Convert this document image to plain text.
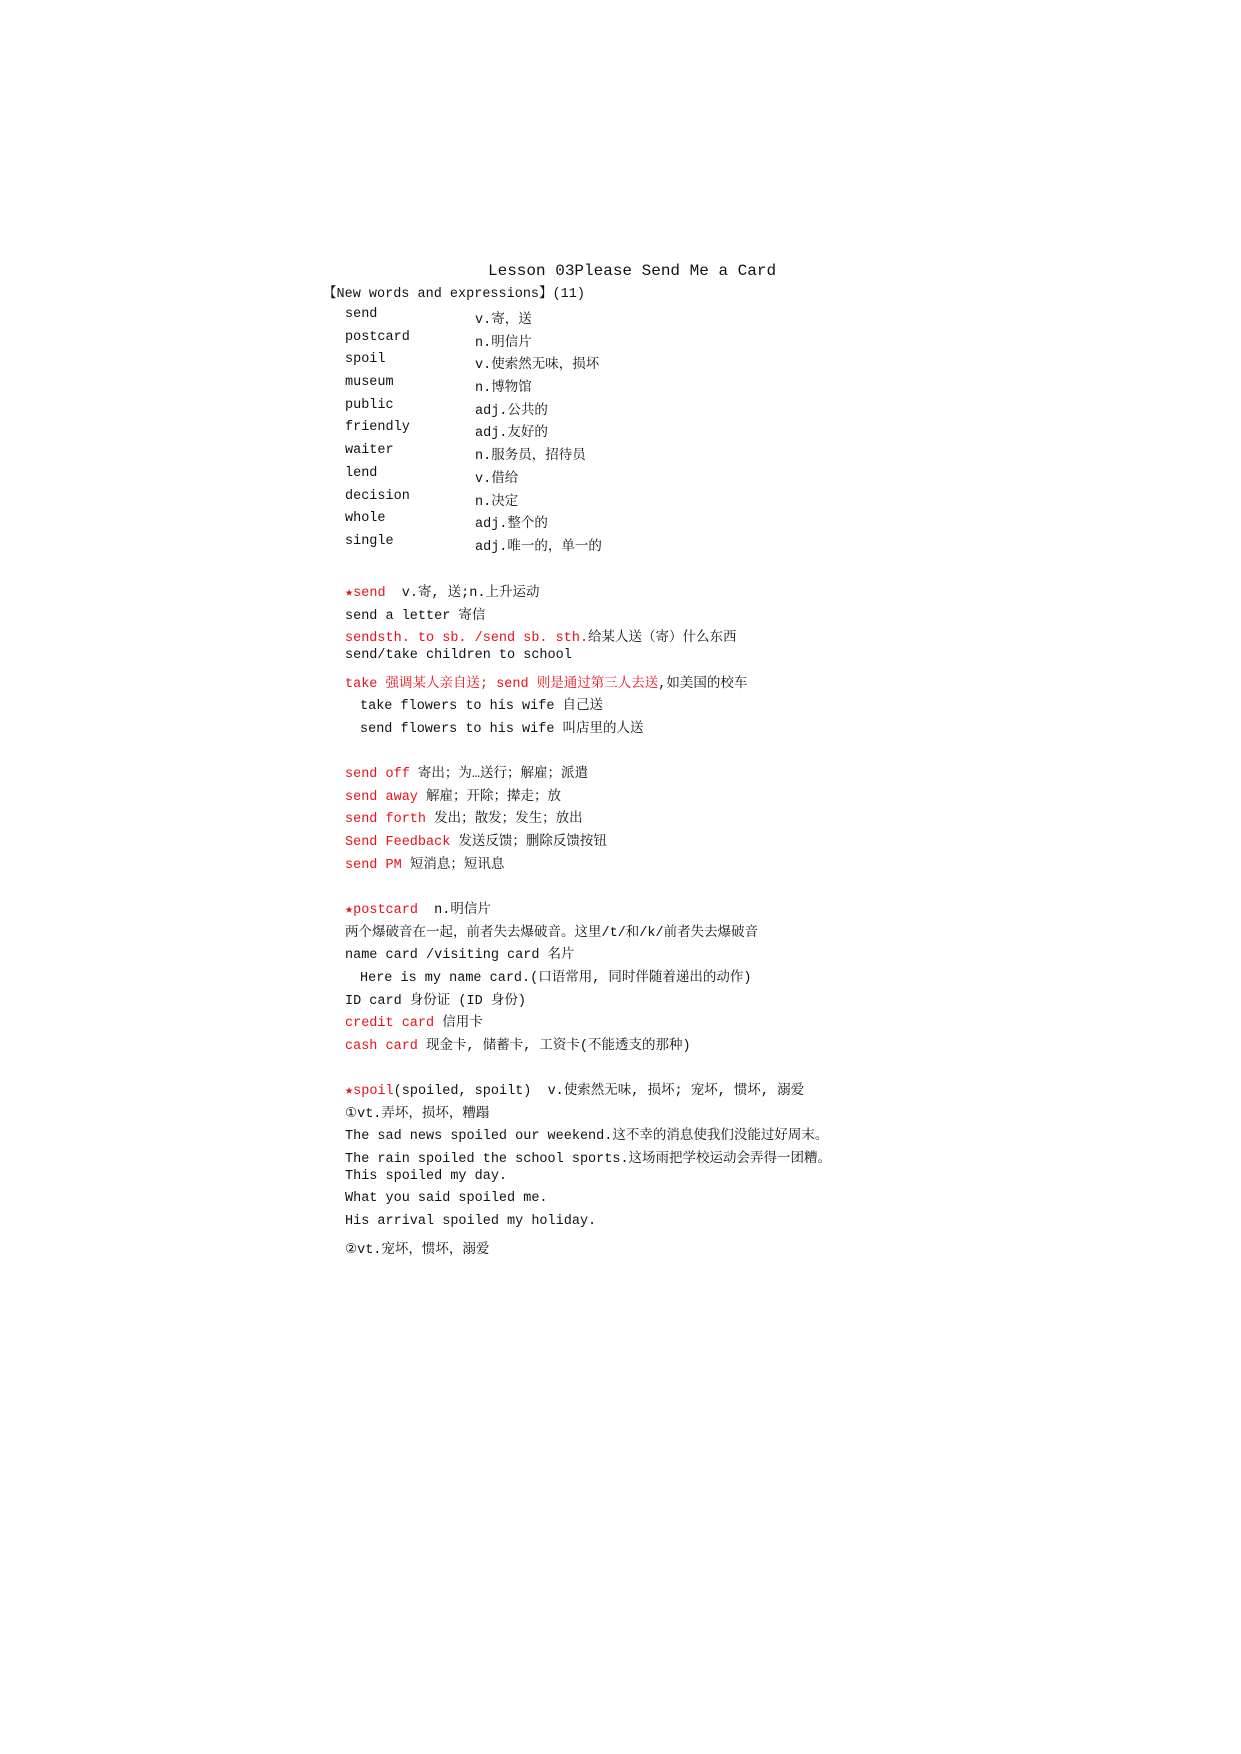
Lesson 03Please Send Me a Card
【New words and expressions】(11)
send	v.寄，送
postcard	n.明信片
spoil	v.使索然无味，损坏
museum	n.博物馆
public	adj.公共的
friendly	adj.友好的
waiter	n.服务员，招待员
lend	v.借给
decision	n.决定
whole	adj.整个的
single	adj.唯一的，单一的
★send  v.寄, 送;n.上升运动
send a letter 寄信
sendsth. to sb. /send sb. sth.给某人送（寄）什么东西
send/take children to school
take 强调某人亲自送; send 则是通过第三人去送,如美国的校车
take flowers to his wife 自己送
send flowers to his wife 叫店里的人送
send off 寄出；为…送行；解雇；派遣
send away 解雇；开除；撵走；放
send forth 发出；散发；发生；放出
Send Feedback 发送反馈；删除反馈按钮
send PM 短消息；短讯息
★postcard  n.明信片
两个爆破音在一起，前者失去爆破音。这里/t/和/k/前者失去爆破音
name card /visiting card 名片
Here is my name card.(口语常用, 同时伴随着递出的动作)
ID card 身份证 (ID 身份)
credit card 信用卡
cash card 现金卡, 储蓄卡, 工资卡(不能透支的那种)
★spoil(spoiled, spoilt)  v.使索然无味, 损坏; 宠坏, 惯坏, 溺爱
①vt.弄坏，损坏，糟蹋
The sad news spoiled our weekend.这不幸的消息使我们没能过好周末。
The rain spoiled the school sports.这场雨把学校运动会弄得一团糟。
This spoiled my day.
What you said spoiled me.
His arrival spoiled my holiday.
②vt.宠坏，惯坏，溺爱
